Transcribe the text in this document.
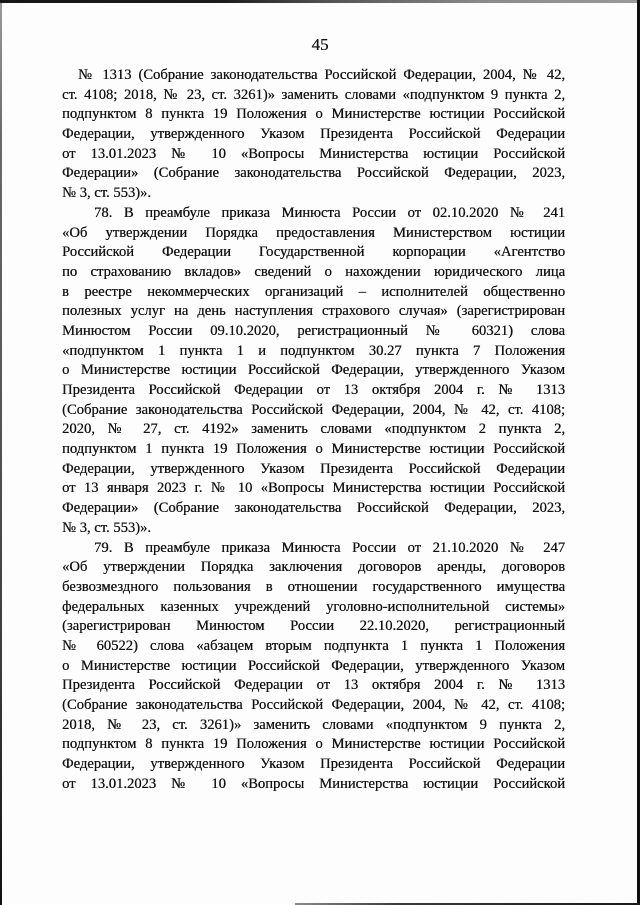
45
№ 1313 (Собрание законодательства Российской Федерации, 2004, № 42,
ст. 4108; 2018, № 23, ст. 3261)» заменить словами «подпунктом 9 пункта 2,
подпунктом 8 пункта 19 Положения о Министерстве юстиции Российской
Федерации, утвержденного Указом Президента Российской Федерации
от 13.01.2023 № 10 «Вопросы Министерства юстиции Российской
Федерации» (Собрание законодательства Российской Федерации, 2023,
№ 3, ст. 553)».
78. В преамбуле приказа Минюста России от 02.10.2020 № 241
«Об утверждении Порядка предоставления Министерством юстиции
Российской Федерации Государственной корпорации «Агентство
по страхованию вкладов» сведений о нахождении юридического лица
в реестре некоммерческих организаций – исполнителей общественно
полезных услуг на день наступления страхового случая» (зарегистрирован
Минюстом России 09.10.2020, регистрационный № 60321) слова
«подпунктом 1 пункта 1 и подпунктом 30.27 пункта 7 Положения
о Министерстве юстиции Российской Федерации, утвержденного Указом
Президента Российской Федерации от 13 октября 2004 г. № 1313
(Собрание законодательства Российской Федерации, 2004, № 42, ст. 4108;
2020, № 27, ст. 4192» заменить словами «подпунктом 2 пункта 2,
подпунктом 1 пункта 19 Положения о Министерстве юстиции Российской
Федерации, утвержденного Указом Президента Российской Федерации
от 13 января 2023 г. № 10 «Вопросы Министерства юстиции Российской
Федерации» (Собрание законодательства Российской Федерации, 2023,
№ 3, ст. 553)».
79. В преамбуле приказа Минюста России от 21.10.2020 № 247
«Об утверждении Порядка заключения договоров аренды, договоров
безвозмездного пользования в отношении государственного имущества
федеральных казенных учреждений уголовно-исполнительной системы»
(зарегистрирован Минюстом России 22.10.2020, регистрационный
№ 60522) слова «абзацем вторым подпункта 1 пункта 1 Положения
о Министерстве юстиции Российской Федерации, утвержденного Указом
Президента Российской Федерации от 13 октября 2004 г. № 1313
(Собрание законодательства Российской Федерации, 2004, № 42, ст. 4108;
2018, № 23, ст. 3261)» заменить словами «подпунктом 9 пункта 2,
подпунктом 8 пункта 19 Положения о Министерстве юстиции Российской
Федерации, утвержденного Указом Президента Российской Федерации
от 13.01.2023 № 10 «Вопросы Министерства юстиции Российской
